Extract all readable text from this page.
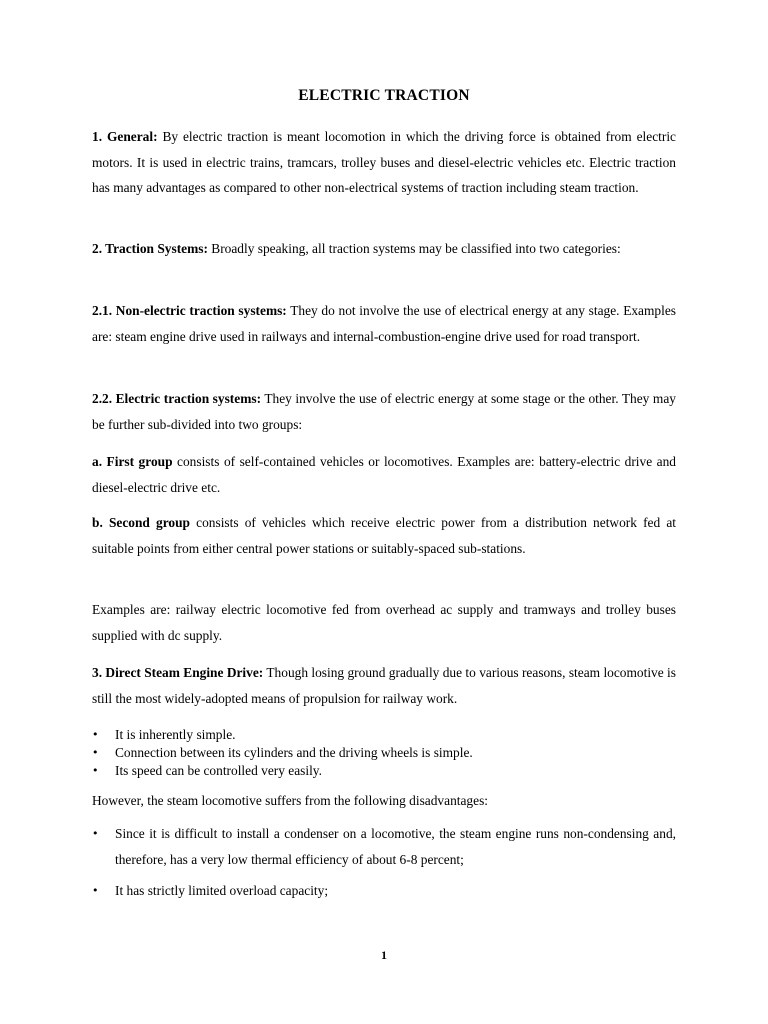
ELECTRIC TRACTION

1. General: By electric traction is meant locomotion in which the driving force is obtained from electric motors. It is used in electric trains, tramcars, trolley buses and diesel-electric vehicles etc. Electric traction has many advantages as compared to other non-electrical systems of traction including steam traction.

2. Traction Systems: Broadly speaking, all traction systems may be classified into two categories:

2.1. Non-electric traction systems: They do not involve the use of electrical energy at any stage. Examples are: steam engine drive used in railways and internal-combustion-engine drive used for road transport.

2.2. Electric traction systems: They involve the use of electric energy at some stage or the other. They may be further sub-divided into two groups:

a. First group consists of self-contained vehicles or locomotives. Examples are: battery-electric drive and diesel-electric drive etc.

b. Second group consists of vehicles which receive electric power from a distribution network fed at suitable points from either central power stations or suitably-spaced sub-stations.

Examples are: railway electric locomotive fed from overhead ac supply and tramways and trolley buses supplied with dc supply.

3. Direct Steam Engine Drive: Though losing ground gradually due to various reasons, steam locomotive is still the most widely-adopted means of propulsion for railway work.

• It is inherently simple.
• Connection between its cylinders and the driving wheels is simple.
• Its speed can be controlled very easily.

However, the steam locomotive suffers from the following disadvantages:

• Since it is difficult to install a condenser on a locomotive, the steam engine runs non-condensing and, therefore, has a very low thermal efficiency of about 6-8 percent;
• It has strictly limited overload capacity;
1
